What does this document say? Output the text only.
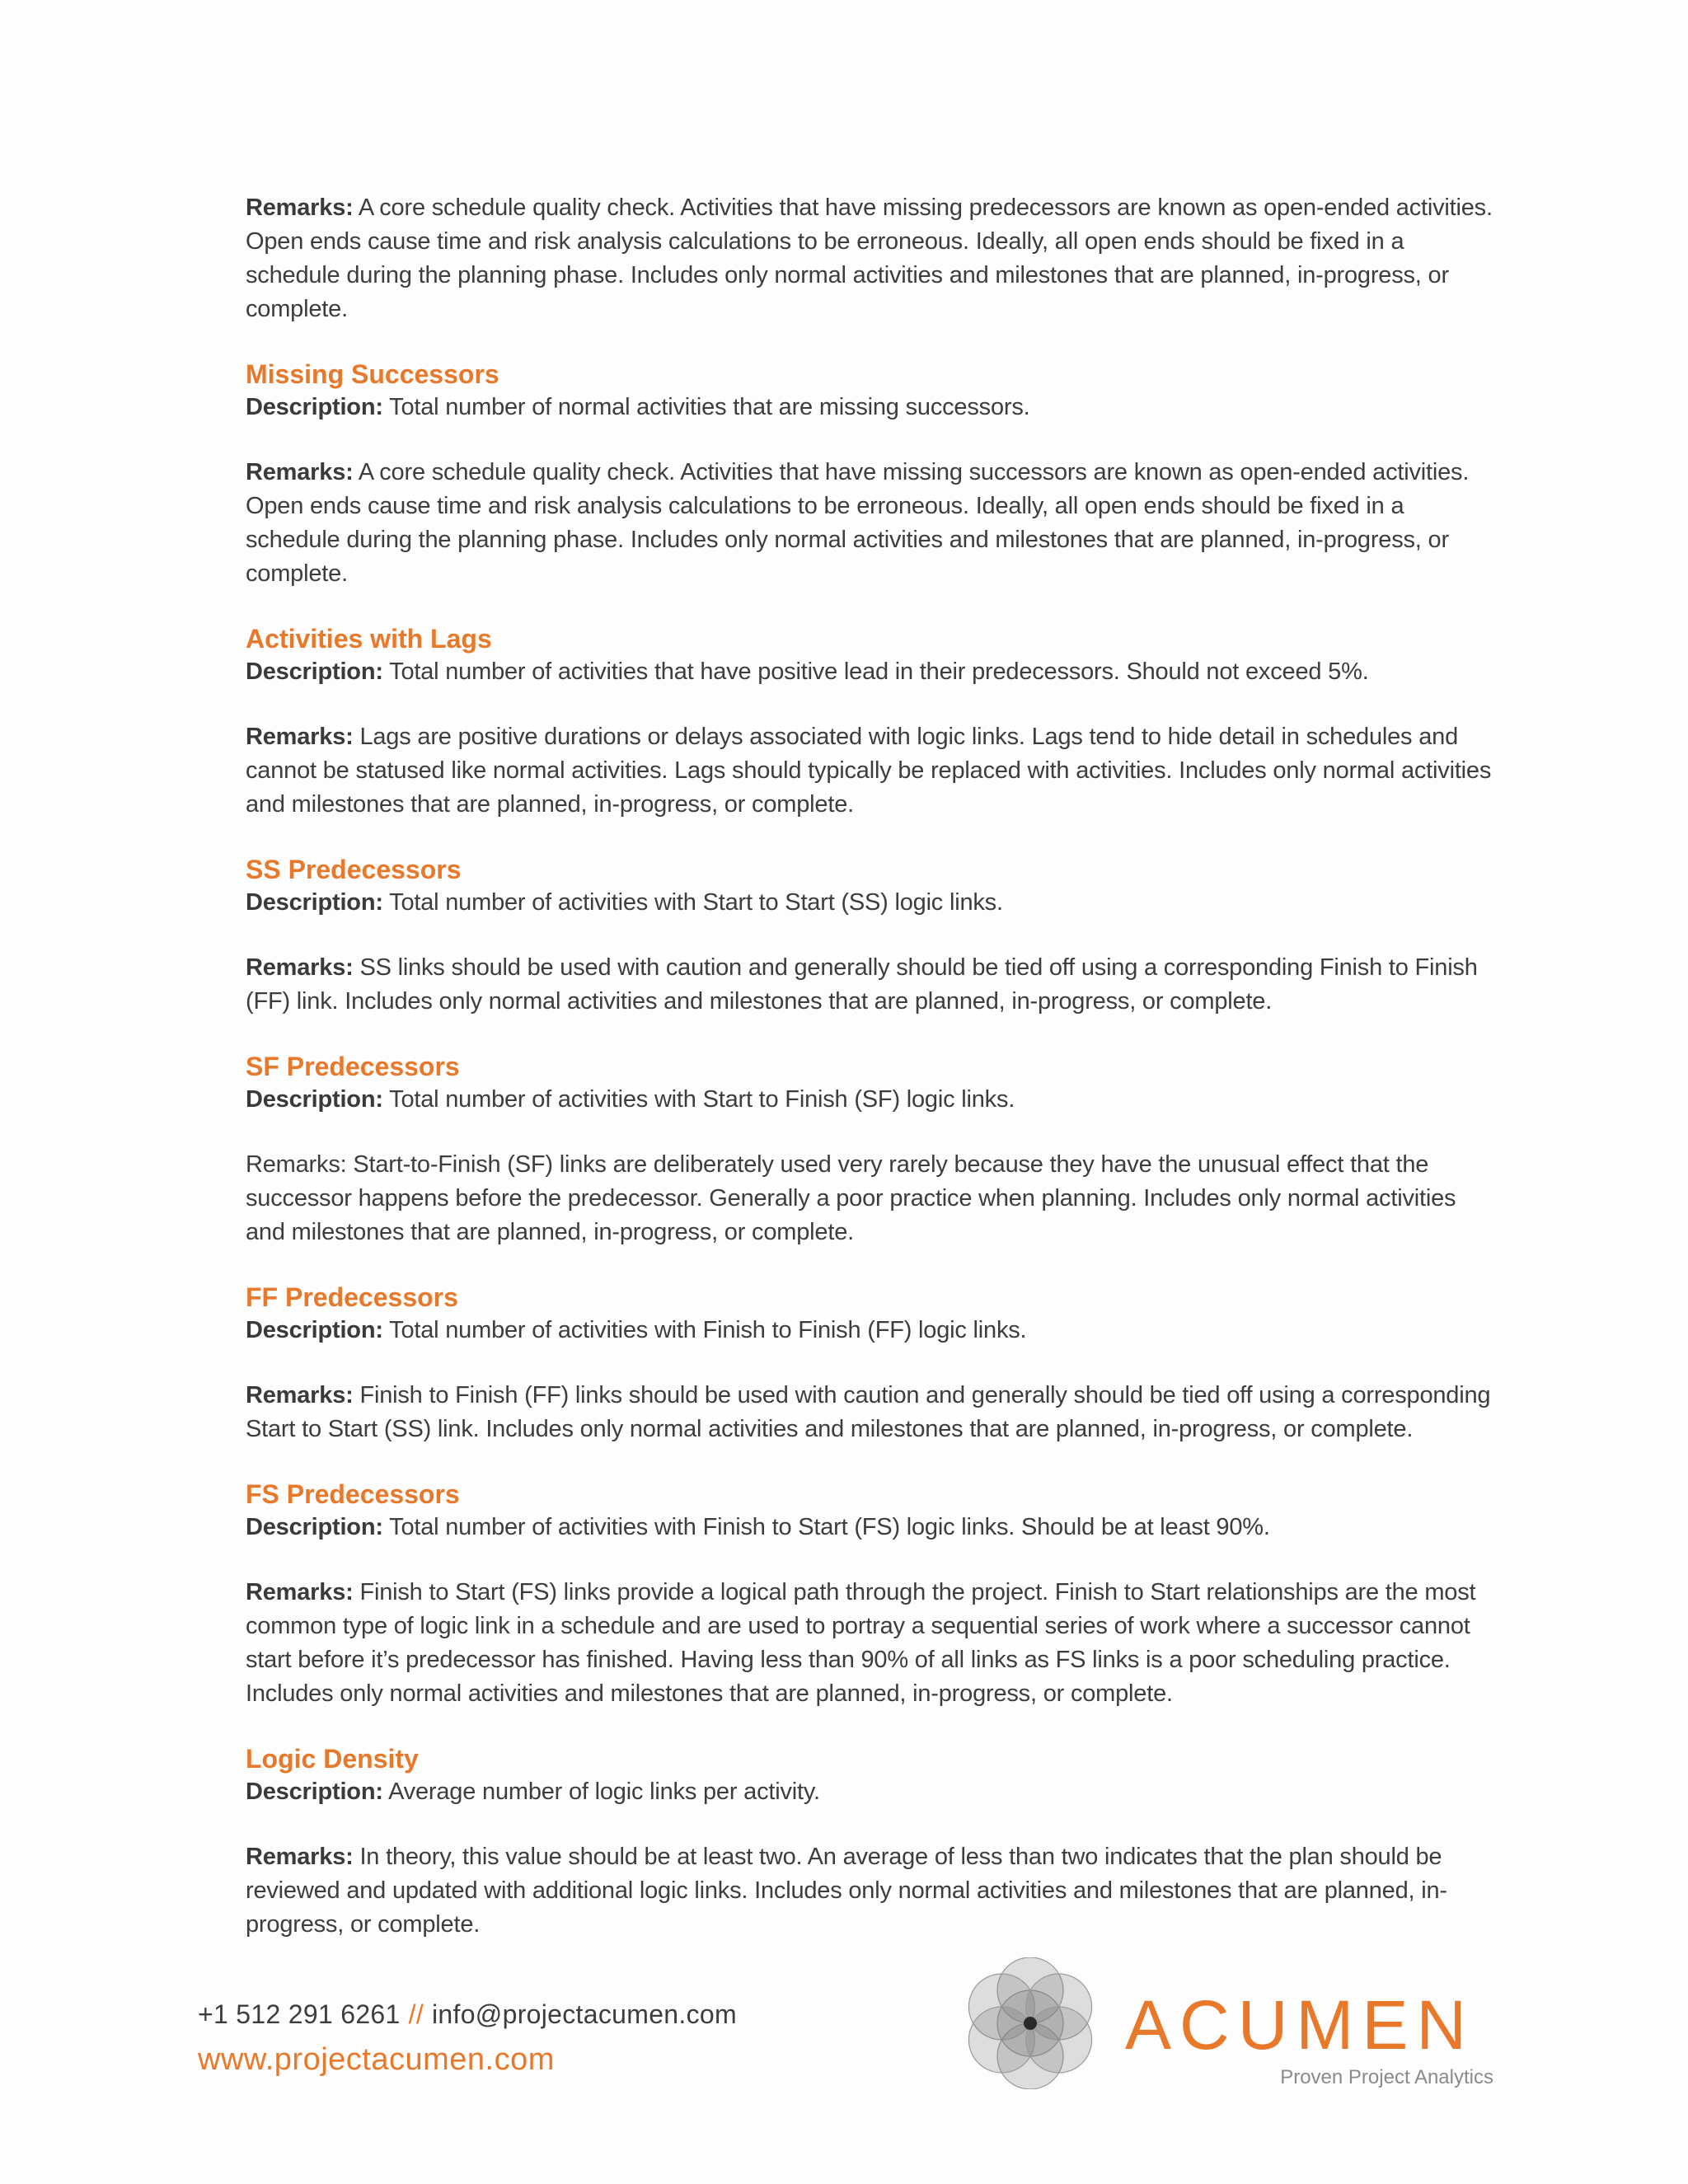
Remarks: A core schedule quality check. Activities that have missing predecessors are known as open-ended activities. Open ends cause time and risk analysis calculations to be erroneous. Ideally, all open ends should be fixed in a schedule during the planning phase. Includes only normal activities and milestones that are planned, in-progress, or complete.

Missing Successors

Description: Total number of normal activities that are missing successors.

Remarks: A core schedule quality check. Activities that have missing successors are known as open-ended activities. Open ends cause time and risk analysis calculations to be erroneous. Ideally, all open ends should be fixed in a schedule during the planning phase. Includes only normal activities and milestones that are planned, in-progress, or complete.

Activities with Lags

Description: Total number of activities that have positive lead in their predecessors. Should not exceed 5%.

Remarks: Lags are positive durations or delays associated with logic links. Lags tend to hide detail in schedules and cannot be statused like normal activities. Lags should typically be replaced with activities. Includes only normal activities and milestones that are planned, in-progress, or complete.

SS Predecessors

Description: Total number of activities with Start to Start (SS) logic links.

Remarks: SS links should be used with caution and generally should be tied off using a corresponding Finish to Finish (FF) link. Includes only normal activities and milestones that are planned, in-progress, or complete.

SF Predecessors

Description: Total number of activities with Start to Finish (SF) logic links.

Remarks: Start-to-Finish (SF) links are deliberately used very rarely because they have the unusual effect that the successor happens before the predecessor. Generally a poor practice when planning. Includes only normal activities and milestones that are planned, in-progress, or complete.

FF Predecessors

Description: Total number of activities with Finish to Finish (FF) logic links.

Remarks: Finish to Finish (FF) links should be used with caution and generally should be tied off using a corresponding Start to Start (SS) link. Includes only normal activities and milestones that are planned, in-progress, or complete.

FS Predecessors

Description: Total number of activities with Finish to Start (FS) logic links. Should be at least 90%.

Remarks: Finish to Start (FS) links provide a logical path through the project. Finish to Start relationships are the most common type of logic link in a schedule and are used to portray a sequential series of work where a successor cannot start before it’s predecessor has finished. Having less than 90% of all links as FS links is a poor scheduling practice. Includes only normal activities and milestones that are planned, in-progress, or complete.

Logic Density

Description: Average number of logic links per activity.

Remarks: In theory, this value should be at least two. An average of less than two indicates that the plan should be reviewed and updated with additional logic links. Includes only normal activities and milestones that are planned, in-progress, or complete.

+1 512 291 6261 // info@projectacumen.com
www.projectacumen.com	ACUMEN
Proven Project Analytics
